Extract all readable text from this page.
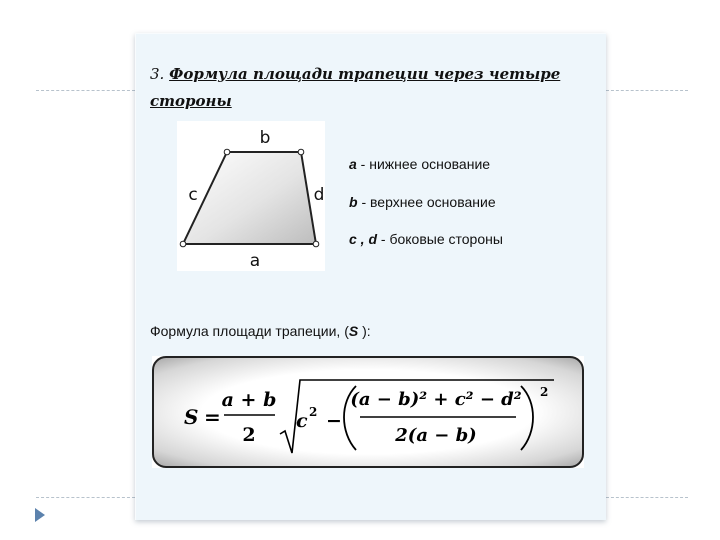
3. Формула площади трапеции через четыре стороны
b
c	d
a
a - нижнее основание
b - верхнее основание
c , d - боковые стороны
Формула площади трапеции, (S ):
S =
a + b
2
c 2 −
(a − b)² + c² − d²
2(a − b)
2
